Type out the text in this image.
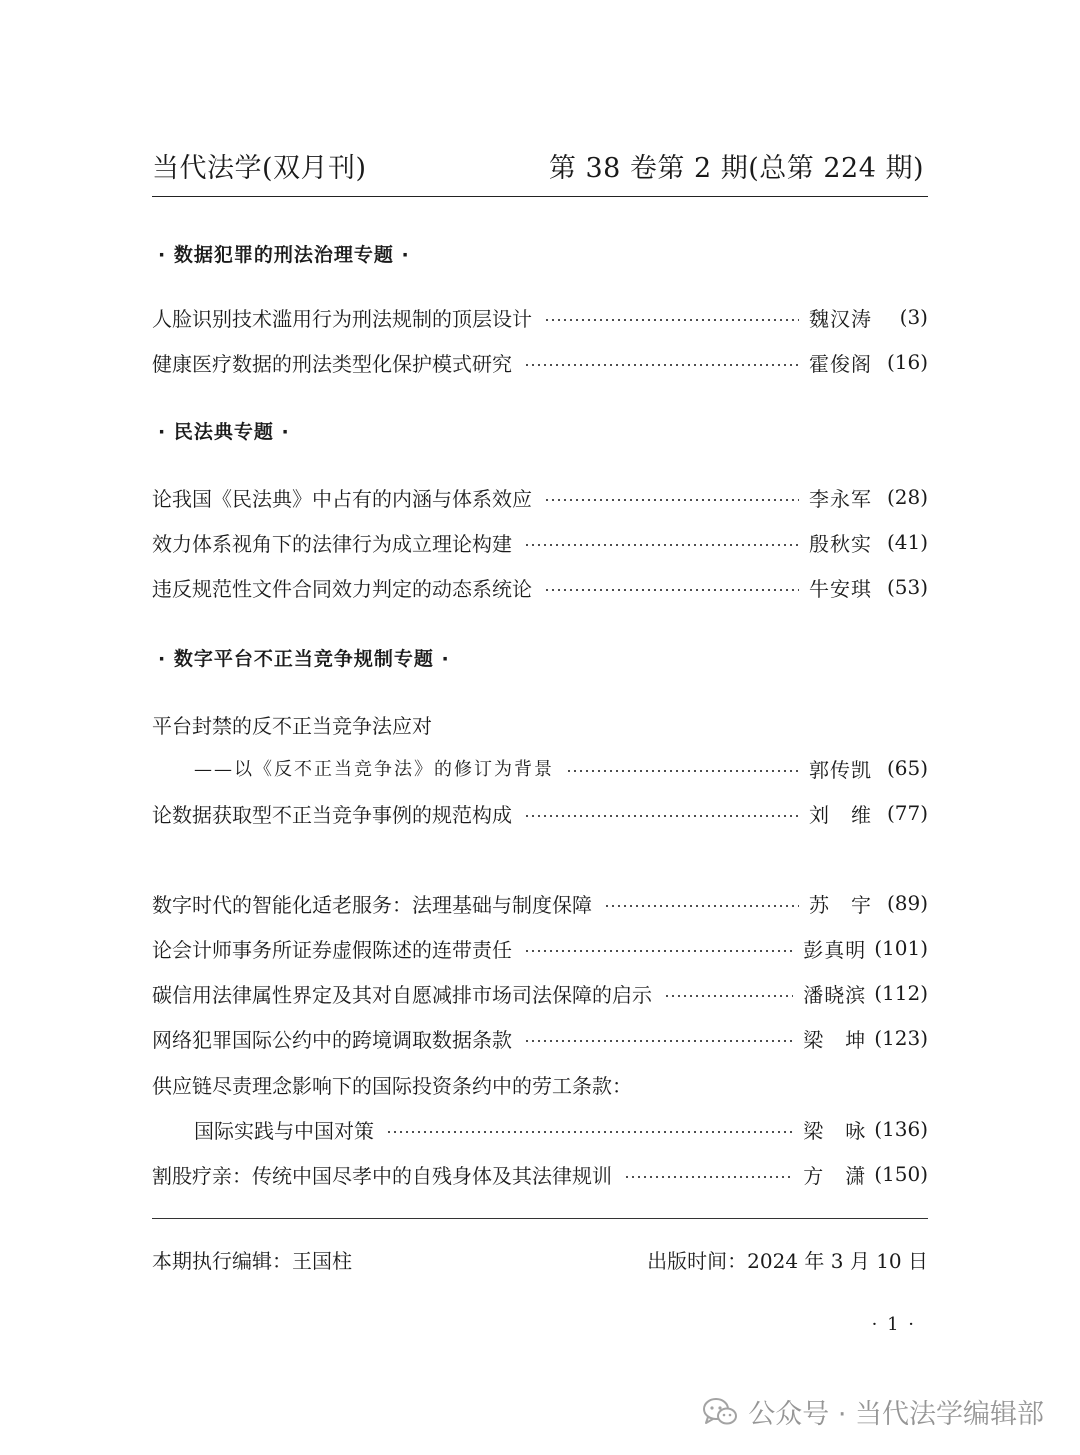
当代法学(双月刊)	第 38 卷第 2 期(总第 224 期)
· 数据犯罪的刑法治理专题 ·
人脸识别技术滥用行为刑法规制的顶层设计	魏汉涛	(3)
健康医疗数据的刑法类型化保护模式研究	霍俊阁 (16)
· 民法典专题 ·
论我国《民法典》中占有的内涵与体系效应	李永军 (28)
效力体系视角下的法律行为成立理论构建	殷秋实 (41)
违反规范性文件合同效力判定的动态系统论	牛安琪 (53)
· 数字平台不正当竞争规制专题 ·
平台封禁的反不正当竞争法应对
——以《反不正当竞争法》的修订为背景	郭传凯 (65)
论数据获取型不正当竞争事例的规范构成	刘　维 (77)
数字时代的智能化适老服务：法理基础与制度保障	苏　宇 (89)
论会计师事务所证券虚假陈述的连带责任	彭真明 (101)
碳信用法律属性界定及其对自愿减排市场司法保障的启示	潘晓滨 (112)
网络犯罪国际公约中的跨境调取数据条款	梁　坤 (123)
供应链尽责理念影响下的国际投资条约中的劳工条款：
国际实践与中国对策	梁　咏 (136)
割股疗亲：传统中国尽孝中的自残身体及其法律规训	方　潇 (150)
本期执行编辑：王国柱	出版时间：2024 年 3 月 10 日
· 1 ·
公众号 · 当代法学编辑部
